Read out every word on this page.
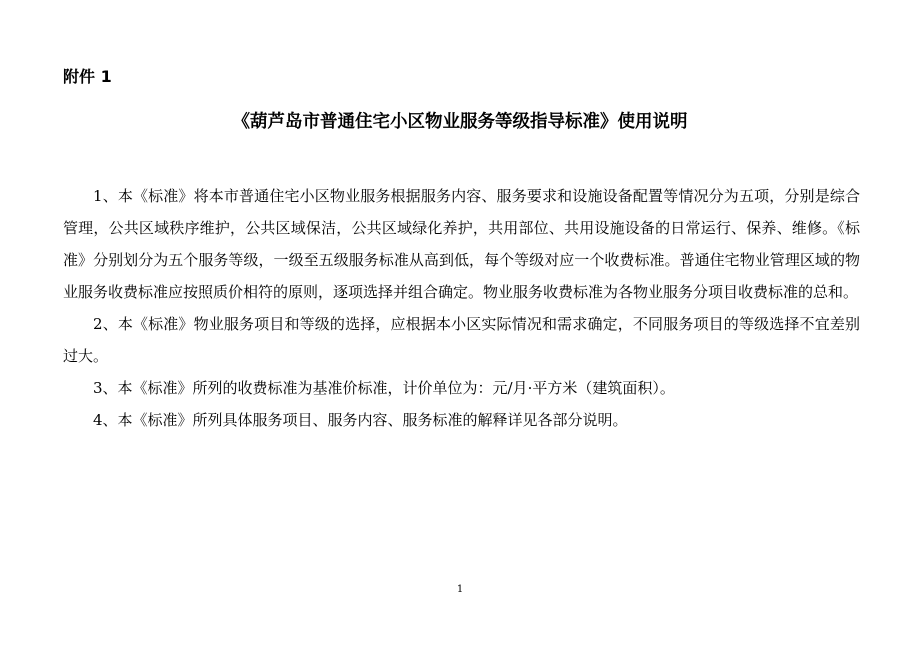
附件 1
《葫芦岛市普通住宅小区物业服务等级指导标准》使用说明

1、本《标准》将本市普通住宅小区物业服务根据服务内容、服务要求和设施设备配置等情况分为五项，分别是综合管理，公共区域秩序维护，公共区域保洁，公共区域绿化养护，共用部位、共用设施设备的日常运行、保养、维修。《标准》分别划分为五个服务等级，一级至五级服务标准从高到低，每个等级对应一个收费标准。普通住宅物业管理区域的物业服务收费标准应按照质价相符的原则，逐项选择并组合确定。物业服务收费标准为各物业服务分项目收费标准的总和。

2、本《标准》物业服务项目和等级的选择，应根据本小区实际情况和需求确定，不同服务项目的等级选择不宜差别过大。

3、本《标准》所列的收费标准为基准价标准，计价单位为：元/月·平方米（建筑面积）。

4、本《标准》所列具体服务项目、服务内容、服务标准的解释详见各部分说明。

1
